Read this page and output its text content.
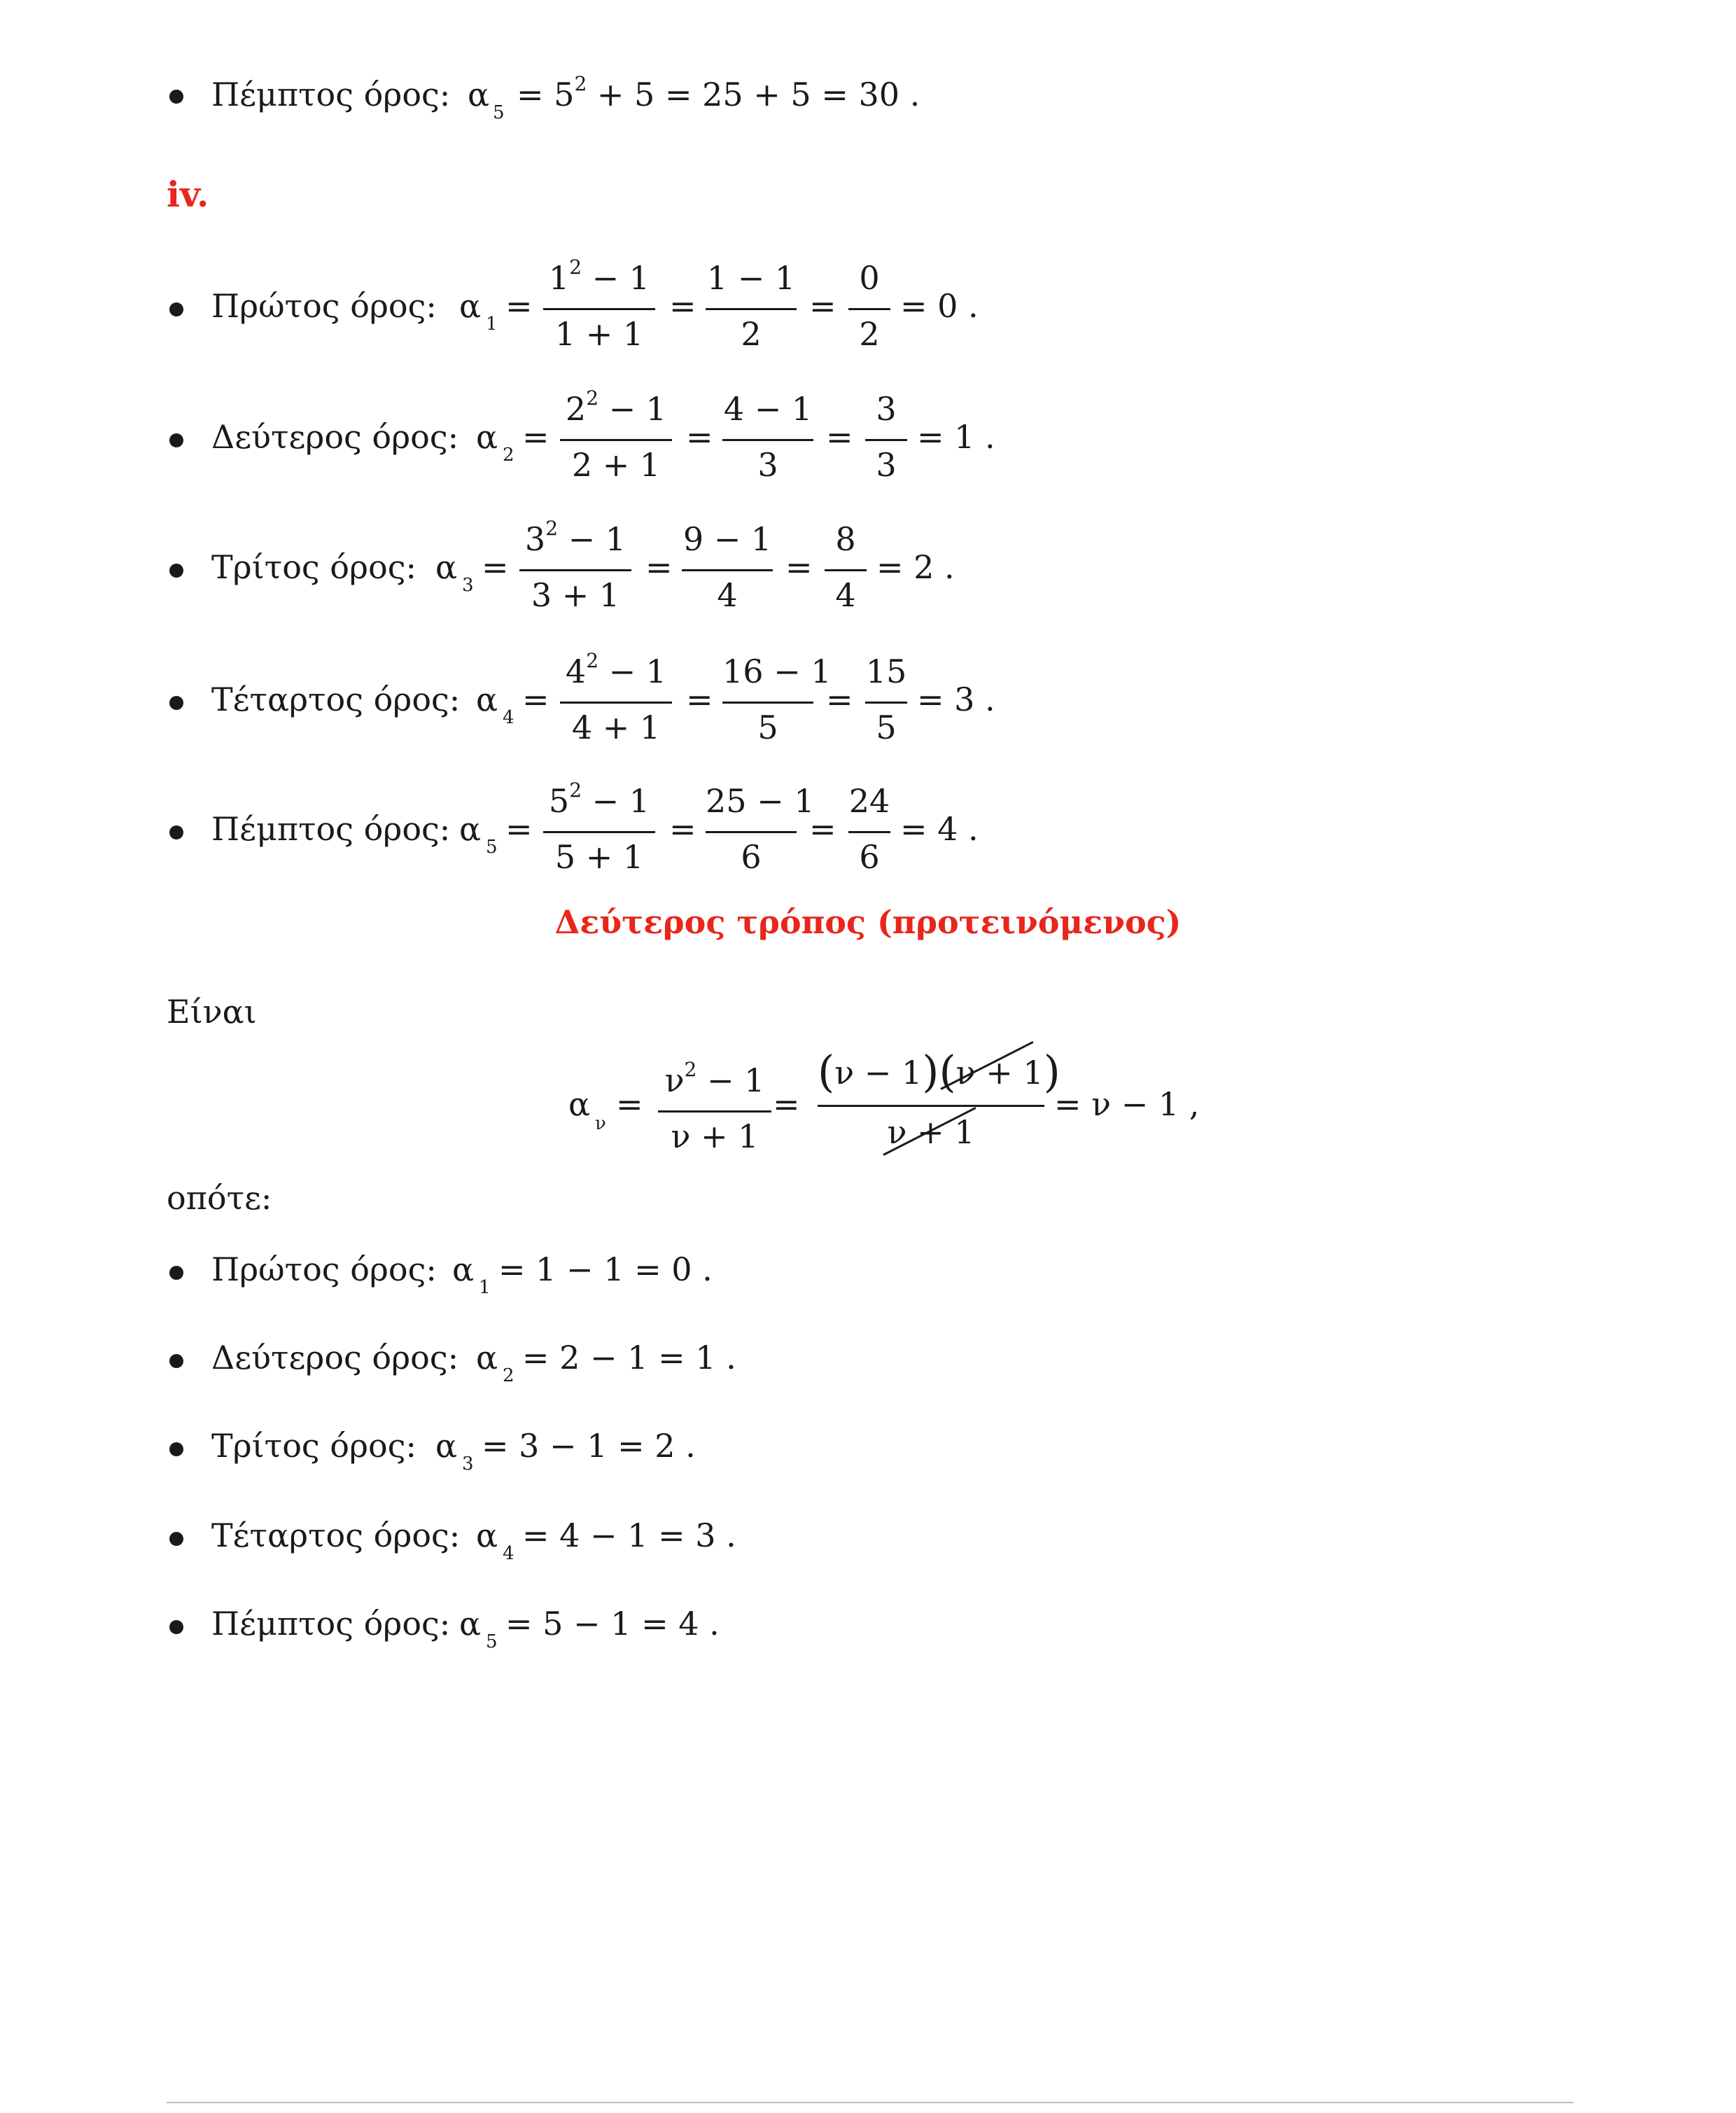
Πέμπτος όρος: α $5 = 5^2 + 5 = 25 + 5 = 30$ .
iv.
Πρώτος όρος: α 1 =
$1^2 - 1$
1 + 1
=
1 − 1
2
=
0
2
= 0 .
Δεύτερος όρος: α 2 =
$2^2 - 1$
2 + 1
=
4 − 1
3
=
3
3
= 1 .
Τρίτος όρος: α 3 =
$3^2 - 1$
3 + 1
=
9 − 1
4
=
8
4
= 2 .
Τέταρτος όρος: α 4 =
$4^2 - 1$
4 + 1
=
16 − 1
5
=
15
5
= 3 .
Πέμπτος όρος: α 5 =
$5^2 - 1$
5 + 1
=
25 − 1
6
=
24
6
= 4 .
Δεύτερος τρόπος (προτεινόμενος)
Είναι
α
ν
=
$\nu^2 - 1$
ν + 1
=
(ν − 1)(ν + 1)
ν + 1
= ν − 1 ,
οπότε:
Πρώτος όρος: α 1 = 1 − 1 = 0 .
Δεύτερος όρος: α 2 = 2 − 1 = 1 .
Τρίτος όρος: α 3 = 3 − 1 = 2 .
Τέταρτος όρος: α 4 = 4 − 1 = 3 .
Πέμπτος όρος: α 5 = 5 − 1 = 4 .
